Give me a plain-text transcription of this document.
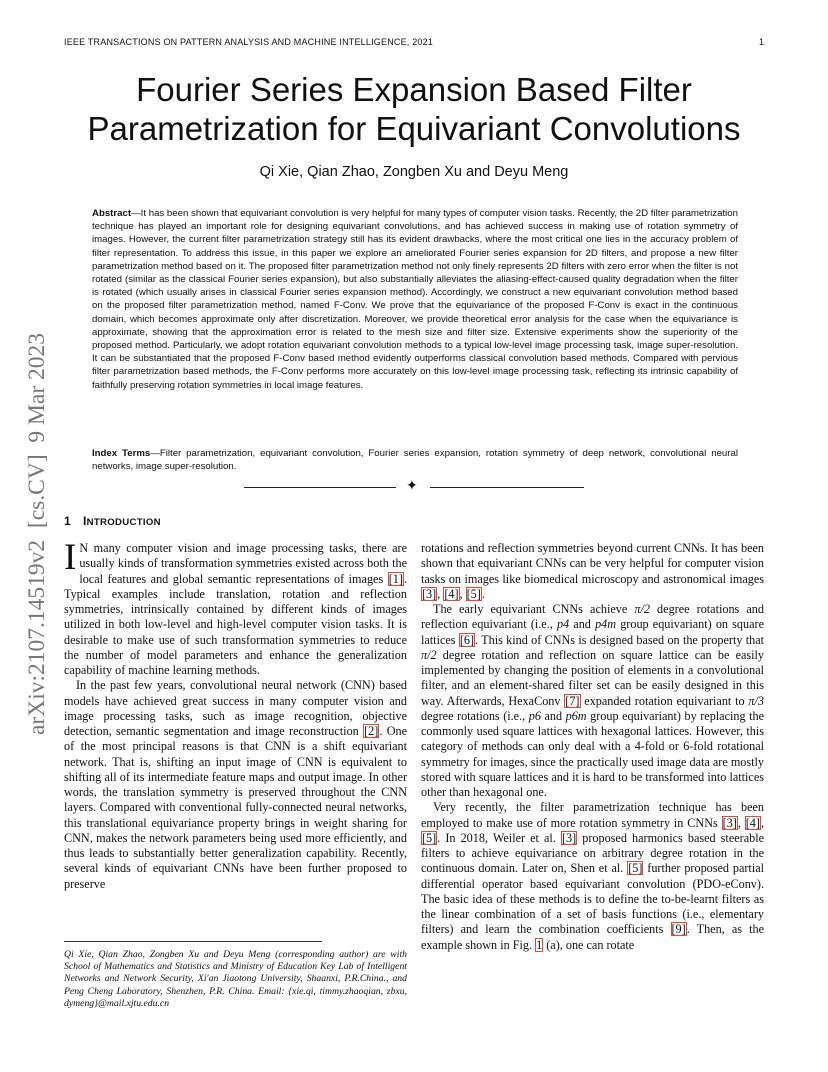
IEEE TRANSACTIONS ON PATTERN ANALYSIS AND MACHINE INTELLIGENCE, 2021	1
Fourier Series Expansion Based Filter
Parametrization for Equivariant Convolutions
Qi Xie, Qian Zhao, Zongben Xu and Deyu Meng
Abstract—It has been shown that equivariant convolution is very helpful for many types of computer vision tasks. Recently, the 2D filter parametrization technique has played an important role for designing equivariant convolutions, and has achieved success in making use of rotation symmetry of images. However, the current filter parametrization strategy still has its evident drawbacks, where the most critical one lies in the accuracy problem of filter representation. To address this issue, in this paper we explore an ameliorated Fourier series expansion for 2D filters, and propose a new filter parametrization method based on it. The proposed filter parametrization method not only finely represents 2D filters with zero error when the filter is not rotated (similar as the classical Fourier series expansion), but also substantially alleviates the aliasing-effect-caused quality degradation when the filter is rotated (which usually arises in classical Fourier series expansion method). Accordingly, we construct a new equivariant convolution method based on the proposed filter parametrization method, named F-Conv. We prove that the equivariance of the proposed F-Conv is exact in the continuous domain, which becomes approximate only after discretization. Moreover, we provide theoretical error analysis for the case when the equivariance is approximate, showing that the approximation error is related to the mesh size and filter size. Extensive experiments show the superiority of the proposed method. Particularly, we adopt rotation equivariant convolution methods to a typical low-level image processing task, image super-resolution. It can be substantiated that the proposed F-Conv based method evidently outperforms classical convolution based methods. Compared with pervious filter parametrization based methods, the F-Conv performs more accurately on this low-level image processing task, reflecting its intrinsic capability of faithfully preserving rotation symmetries in local image features.
Index Terms—Filter parametrization, equivariant convolution, Fourier series expansion, rotation symmetry of deep network, convolutional neural networks, image super-resolution.
✦
arXiv:2107.14519v2  [cs.CV]  9 Mar 2023 1 INTRODUCTION

I N many computer vision and image processing tasks, there are usually kinds of transformation symmetries existed across both the local features and global semantic representations of images [1]. Typical examples include translation, rotation and reflection symmetries, intrinsically contained by different kinds of images utilized in both low-level and high-level computer vision tasks. It is desirable to make use of such transformation symmetries to reduce the number of model parameters and enhance the generalization capability of machine learning methods.

In the past few years, convolutional neural network (CNN) based models have achieved great success in many computer vision and image processing tasks, such as image recognition, objective detection, semantic segmentation and image reconstruction [2]. One of the most principal reasons is that CNN is a shift equivariant network. That is, shifting an input image of CNN is equivalent to shifting all of its intermediate feature maps and output image. In other words, the translation symmetry is preserved throughout the CNN layers. Compared with conventional fully-connected neural networks, this translational equivariance property brings in weight sharing for CNN, makes the network parameters being used more efficiently, and thus leads to substantially better generalization capability. Recently, several kinds of equivariant CNNs have been further proposed to preserve

rotations and reflection symmetries beyond current CNNs. It has been shown that equivariant CNNs can be very helpful for computer vision tasks on images like biomedical microscopy and astronomical images [3], [4], [5].

The early equivariant CNNs achieve π/2 degree rotations and reflection equivariant (i.e., p4 and p4m group equivariant) on square lattices [6]. This kind of CNNs is designed based on the property that π/2 degree rotation and reflection on square lattice can be easily implemented by changing the position of elements in a convolutional filter, and an element-shared filter set can be easily designed in this way. Afterwards, HexaConv [7] expanded rotation equivariant to π/3 degree rotations (i.e., p6 and p6m group equivariant) by replacing the commonly used square lattices with hexagonal lattices. However, this category of methods can only deal with a 4-fold or 6-fold rotational symmetry for images, since the practically used image data are mostly stored with square lattices and it is hard to be transformed into lattices other than hexagonal one.

Very recently, the filter parametrization technique has been employed to make use of more rotation symmetry in CNNs [3], [4], [5]. In 2018, Weiler et al. [3] proposed harmonics based steerable filters to achieve equivariance on arbitrary degree rotation in the continuous domain. Later on, Shen et al. [5] further proposed partial differential operator based equivariant convolution (PDO-eConv). The basic idea of these methods is to define the to-be-learnt filters as the linear combination of a set of basis functions (i.e., elementary filters) and learn the combination coefficients [9]. Then, as the example shown in Fig. 1 (a), one can rotate

Qi Xie, Qian Zhao, Zongben Xu and Deyu Meng (corresponding author) are with School of Mathematics and Statistics and Ministry of Education Key Lab of Intelligent Networks and Network Security, Xi'an Jiaotong University, Shaanxi, P.R.China., and Peng Cheng Laboratory, Shenzhen, P.R. China. Email: {xie.qi, timmy.zhaoqian, zbxu, dymeng}@mail.xjtu.edu.cn
